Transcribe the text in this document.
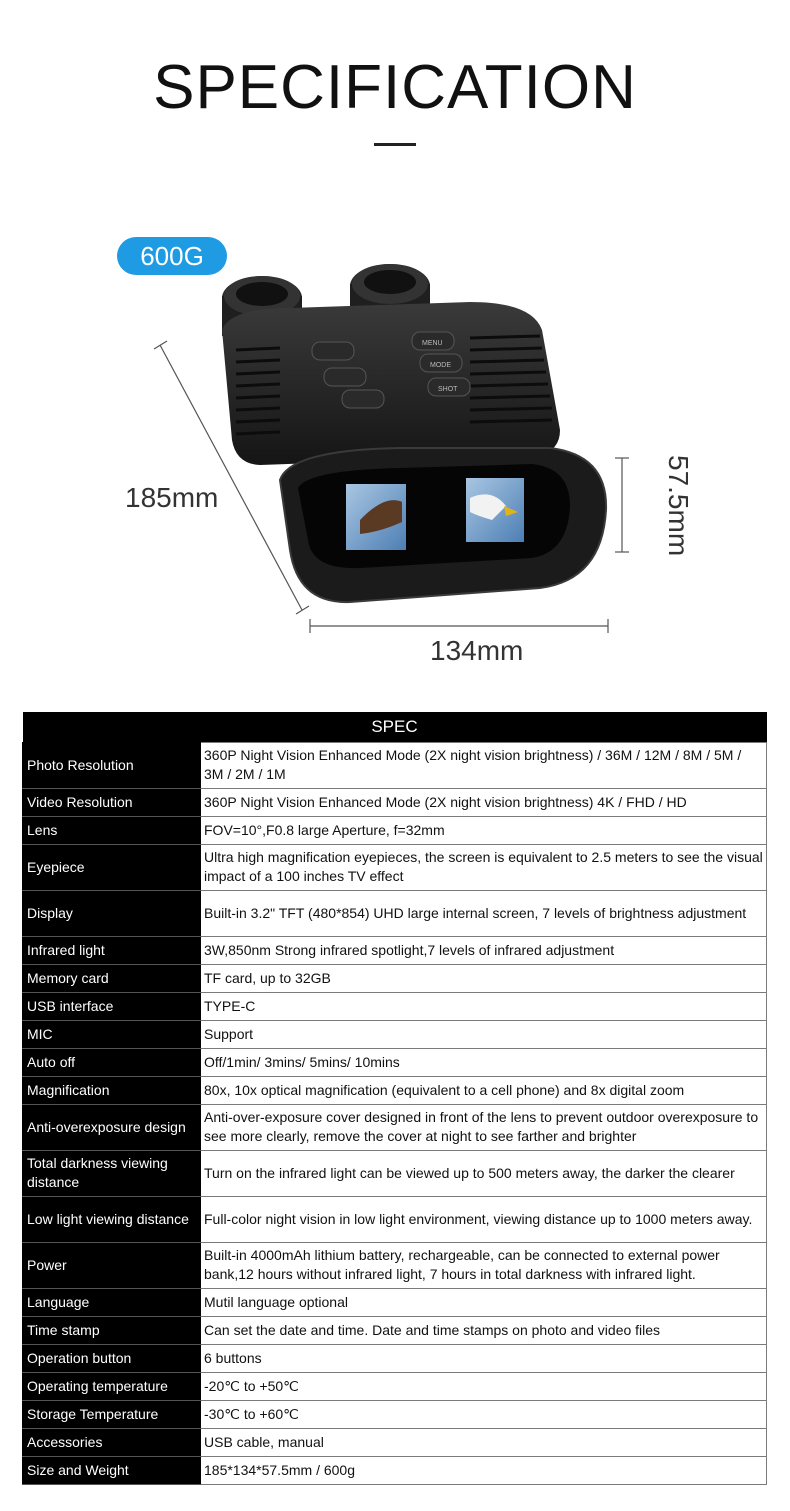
SPECIFICATION
600G
MENU
MODE
SHOT
185mm
134mm
57.5mm
SPEC	
Photo Resolution	360P Night Vision Enhanced Mode (2X night vision brightness) / 36M / 12M / 8M / 5M / 3M / 2M / 1M
Video Resolution	360P Night Vision Enhanced Mode (2X night vision brightness) 4K / FHD / HD
Lens	FOV=10°,F0.8 large Aperture, f=32mm
Eyepiece	Ultra high magnification eyepieces, the screen is equivalent to 2.5 meters to see the visual impact of a 100 inches TV effect
Display	Built-in 3.2" TFT (480*854) UHD large internal screen, 7 levels of brightness adjustment
Infrared light	3W,850nm Strong infrared spotlight,7 levels of infrared adjustment
Memory card	TF card, up to 32GB
USB interface	TYPE-C
MIC	Support
Auto off	Off/1min/ 3mins/ 5mins/ 10mins
Magnification	80x, 10x optical magnification (equivalent to a cell phone) and 8x digital zoom
Anti-overexposure design	Anti-over-exposure cover designed in front of the lens to prevent outdoor overexposure to see more clearly, remove the cover at night to see farther and brighter
Total darkness viewing distance	Turn on the infrared light can be viewed up to 500 meters away, the darker the clearer
Low light viewing distance	Full-color night vision in low light environment, viewing distance up to 1000 meters away.
Power	Built-in 4000mAh lithium battery, rechargeable, can be connected to external power bank,12 hours without infrared light, 7 hours in total darkness with infrared light.
Language	Mutil language optional
Time stamp	Can set the date and time. Date and time stamps on photo and video files
Operation button	6 buttons
Operating temperature	-20℃ to +50℃
Storage Temperature	-30℃ to +60℃
Accessories	USB cable, manual
Size and Weight	185*134*57.5mm / 600g
